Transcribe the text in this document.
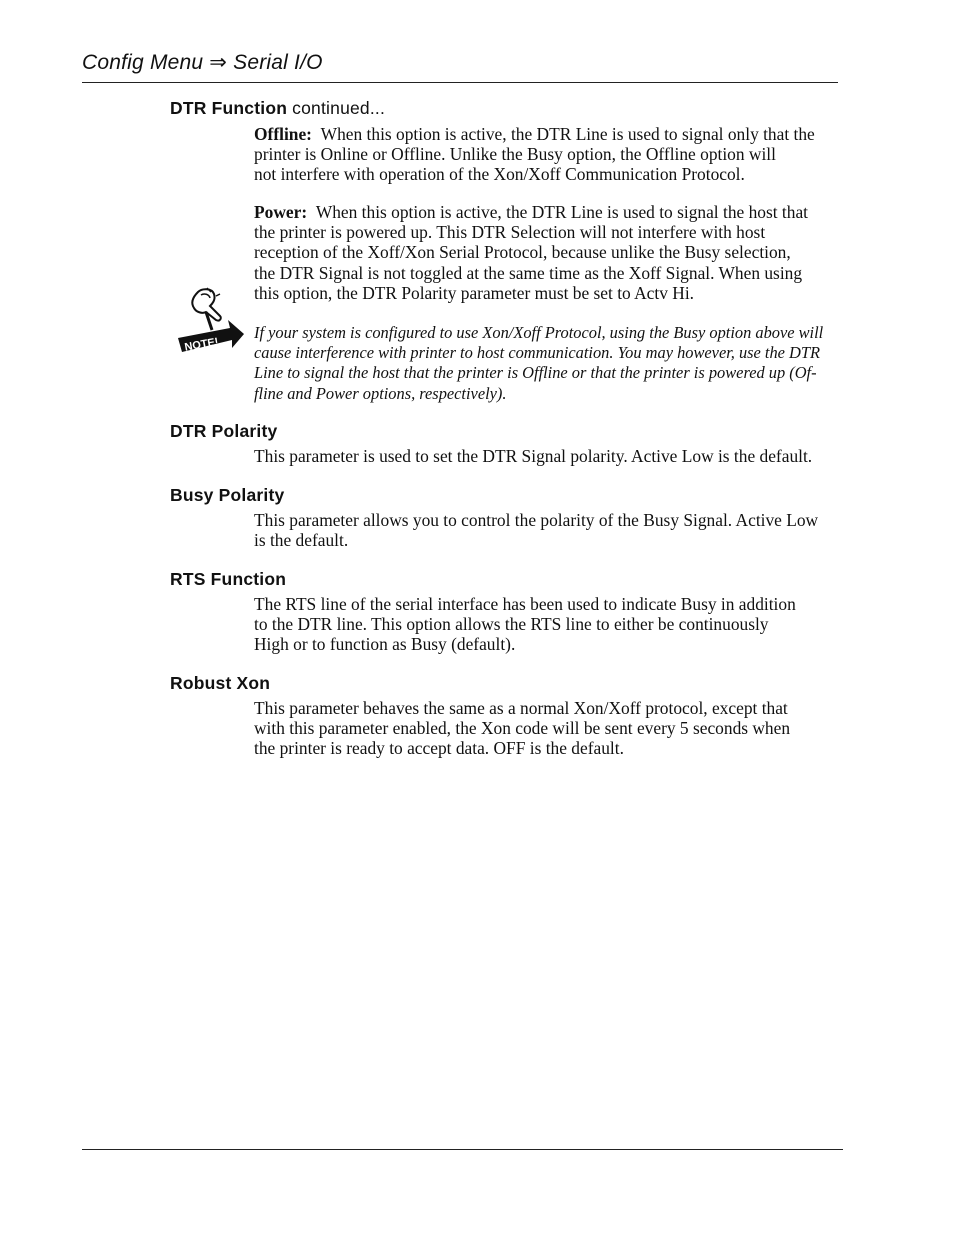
Config Menu ⇒ Serial I/O
DTR Function continued...
Offline: When this option is active, the DTR Line is used to signal only that the
printer is Online or Offline. Unlike the Busy option, the Offline option will
not interfere with operation of the Xon/Xoff Communication Protocol.
Power: When this option is active, the DTR Line is used to signal the host that
the printer is powered up. This DTR Selection will not interfere with host
reception of the Xoff/Xon Serial Protocol, because unlike the Busy selection,
the DTR Signal is not toggled at the same time as the Xoff Signal. When using
this option, the DTR Polarity parameter must be set to Actv Hi.
NOTE!
If your system is configured to use Xon/Xoff Protocol, using the Busy option above will
cause interference with printer to host communication. You may however, use the DTR
Line to signal the host that the printer is Offline or that the printer is powered up (Of-
fline and Power options, respectively).
DTR Polarity
This parameter is used to set the DTR Signal polarity. Active Low is the default.
Busy Polarity
This parameter allows you to control the polarity of the Busy Signal. Active Low
is the default.
RTS Function
The RTS line of the serial interface has been used to indicate Busy in addition
to the DTR line. This option allows the RTS line to either be continuously
High or to function as Busy (default).
Robust Xon
This parameter behaves the same as a normal Xon/Xoff protocol, except that
with this parameter enabled, the Xon code will be sent every 5 seconds when
the printer is ready to accept data. OFF is the default.
